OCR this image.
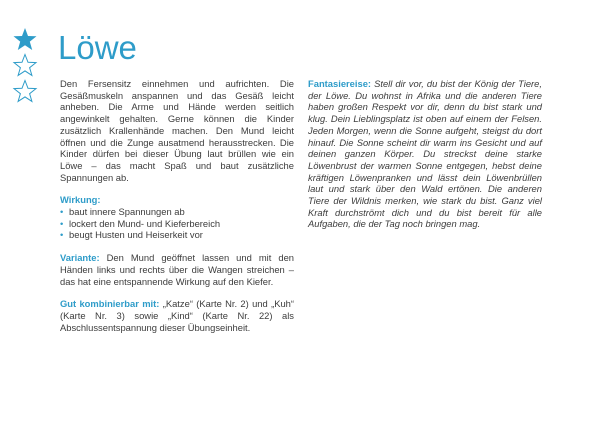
Löwe

Den Fersensitz einnehmen und aufrichten. Die Gesäßmuskeln anspannen und das Gesäß leicht anheben. Die Arme und Hände werden seitlich angewinkelt gehalten. Gerne können die Kinder zusätzlich Krallenhände machen. Den Mund leicht öffnen und die Zunge ausatmend herausstrecken. Die Kinder dürfen bei dieser Übung laut brüllen wie ein Löwe – das macht Spaß und baut zusätzliche Spannungen ab.

Wirkung:
• baut innere Spannungen ab
• lockert den Mund- und Kieferbereich
• beugt Husten und Heiserkeit vor

Variante: Den Mund geöffnet lassen und mit den Händen links und rechts über die Wangen streichen – das hat eine entspannende Wirkung auf den Kiefer.

Gut kombinierbar mit: „Katze“ (Karte Nr. 2) und „Kuh“ (Karte Nr. 3) sowie „Kind“ (Karte Nr. 22) als Abschlussentspannung dieser Übungseinheit.

Fantasiereise: Stell dir vor, du bist der König der Tiere, der Löwe. Du wohnst in Afrika und die anderen Tiere haben großen Respekt vor dir, denn du bist stark und klug. Dein Lieblingsplatz ist oben auf einem der Felsen. Jeden Morgen, wenn die Sonne aufgeht, steigst du dort hinauf. Die Sonne scheint dir warm ins Gesicht und auf deinen ganzen Körper. Du streckst deine starke Löwenbrust der warmen Sonne entgegen, hebst deine kräftigen Löwenpranken und lässt dein Löwenbrüllen laut und stark über den Wald ertönen. Die anderen Tiere der Wildnis merken, wie stark du bist. Ganz viel Kraft durchströmt dich und du bist bereit für alle Aufgaben, die der Tag noch bringen mag.
